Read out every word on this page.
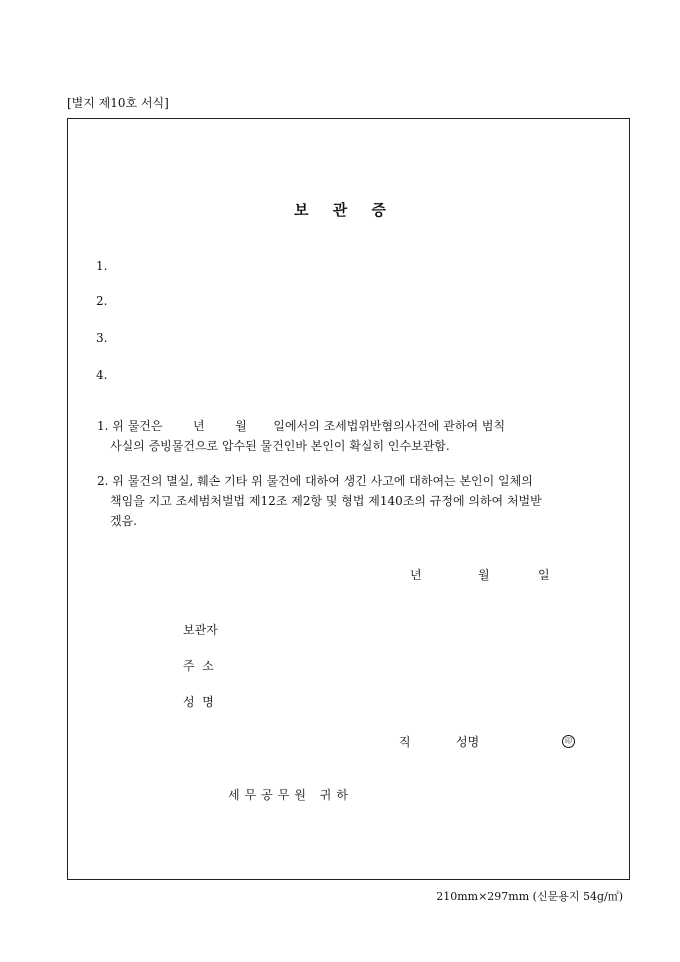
[별지 제10호 서식]
보 관 증
1.
2.
3.
4.
1. 위 물건은        년        월       일에서의 조세법위반혐의사건에 관하여 범칙
사실의 증빙물건으로 압수된 물건인바 본인이 확실히 인수보관함.
2. 위 물건의 멸실, 훼손 기타 위 물건에 대하여 생긴 사고에 대하여는 본인이 일체의
책임을 지고 조세범처벌법 제12조 제2항 및 형법 제140조의 규정에 의하여 처벌받
겠음.
년	월	일
보관자
주  소
성  명
직	성명	印
세무공무원 귀하
210mm×297mm (신문용지 54g/㎡)
